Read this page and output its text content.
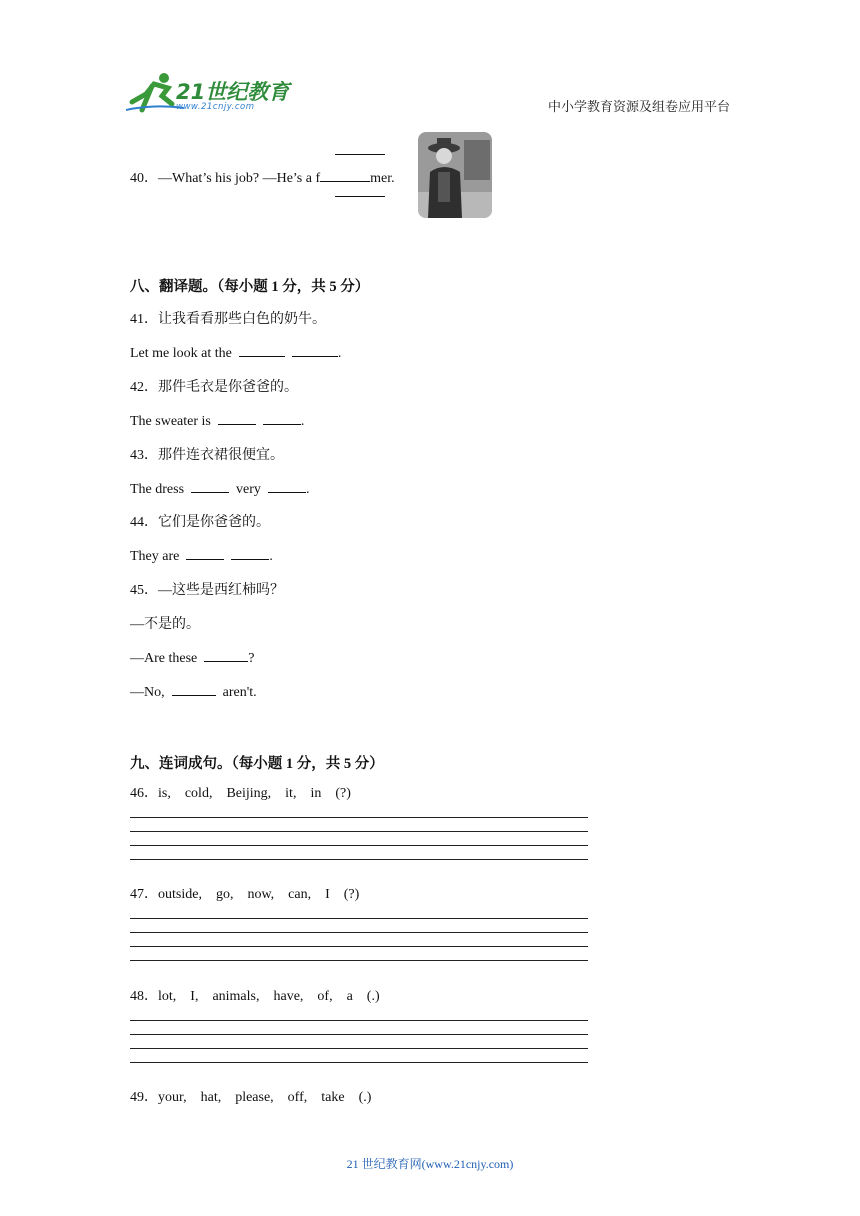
21世纪教育
www.21cnjy.com	中小学教育资源及组卷应用平台
40．—What’s his job? —He’s a f	mer.
八、翻译题。（每小题 1 分，共 5 分）
41．让我看看那些白色的奶牛。
Let me look at the	.
42．那件毛衣是你爸爸的。
The sweater is	.
43．那件连衣裙很便宜。
The dress	very	.
44．它们是你爸爸的。
They are	.
45．—这些是西红柿吗？
—不是的。
—Are these	?
—No,	aren't.
九、连词成句。（每小题 1 分，共 5 分）
46．is,　cold,　Beijing,　it,　in　(?)
47．outside,　go,　now,　can,　I　(?)
48．lot,　I,　animals,　have,　of,　a　(.)
49．your,　hat,　please,　off,　take　(.)
21 世纪教育网(www.21cnjy.com)
